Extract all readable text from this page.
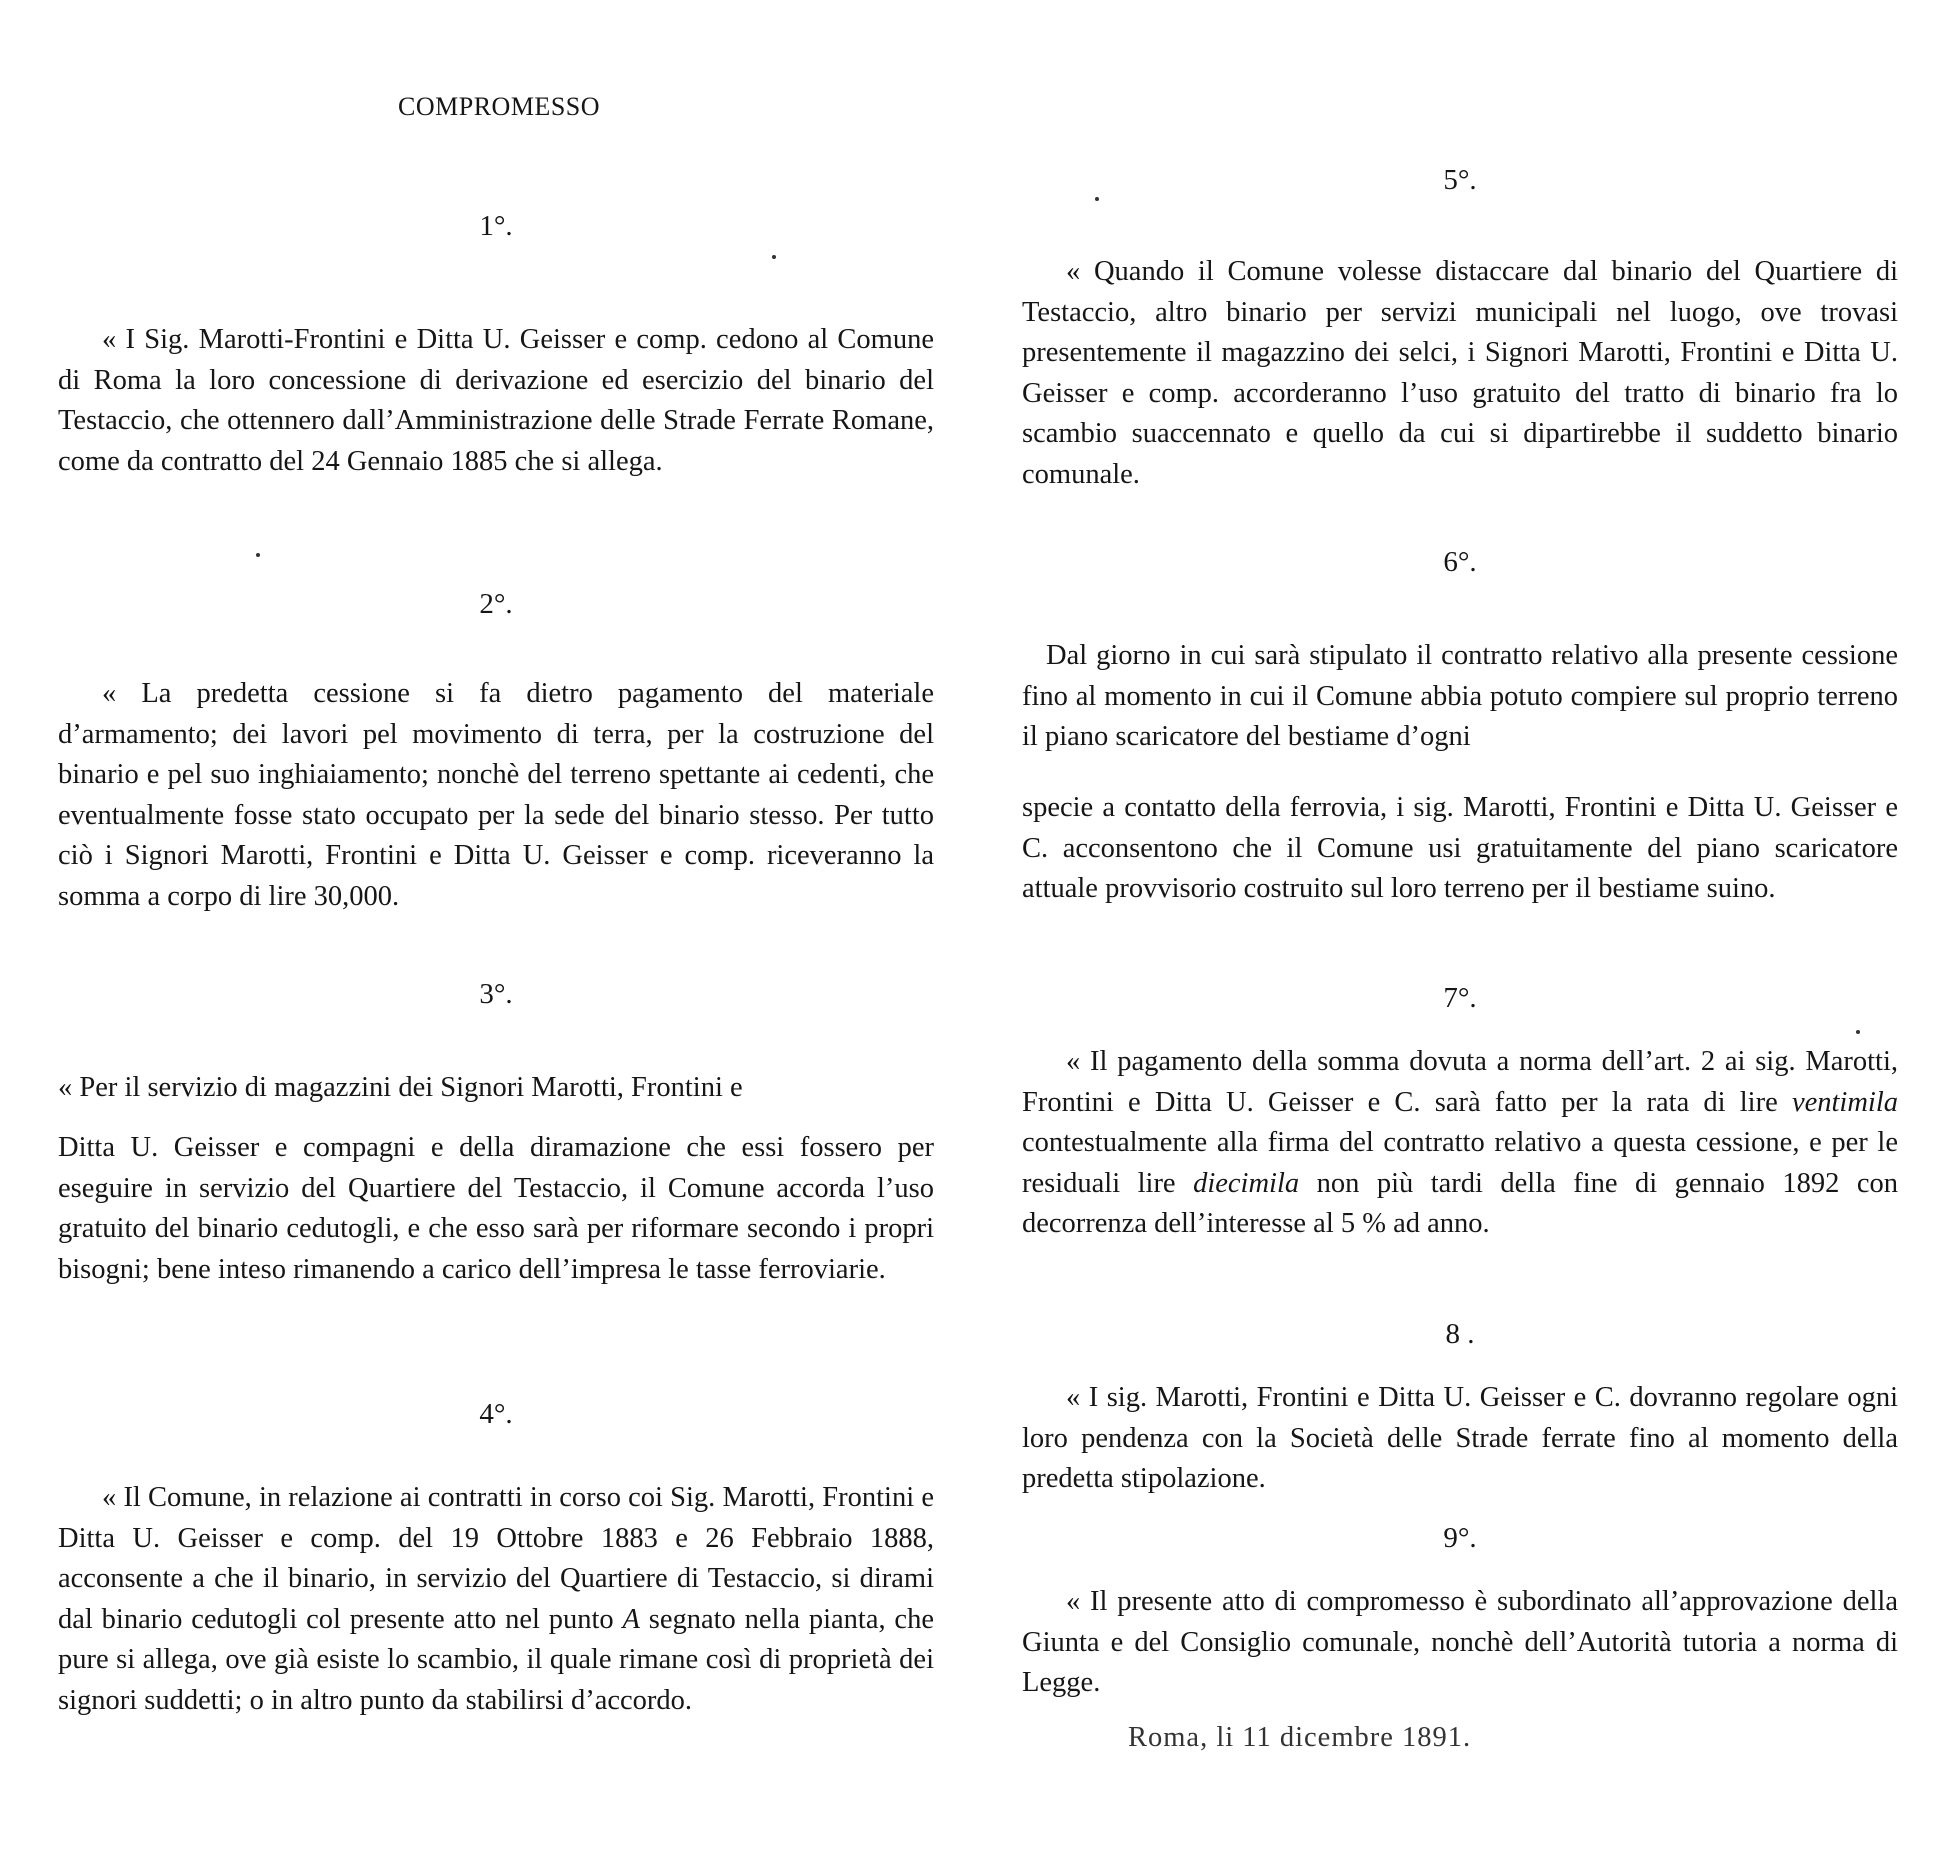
COMPROMESSO
1°.
« I Sig. Marotti-Frontini e Ditta U. Geisser e comp. cedono al Comune di Roma la loro concessione di derivazione ed esercizio del binario del Testaccio, che ottennero dall’Amministrazione delle Strade Ferrate Romane, come da contratto del 24 Gennaio 1885 che si allega.
2°.
« La predetta cessione si fa dietro pagamento del materiale d’armamento; dei lavori pel movimento di terra, per la costruzione del binario e pel suo inghiaiamento; nonchè del terreno spettante ai cedenti, che eventualmente fosse stato occupato per la sede del binario stesso. Per tutto ciò i Signori Marotti, Frontini e Ditta U. Geisser e comp. riceveranno la somma a corpo di lire 30,000.
3°.
« Per il servizio di magazzini dei Signori Marotti, Frontini e
Ditta U. Geisser e compagni e della diramazione che essi fossero per eseguire in servizio del Quartiere del Testaccio, il Comune accorda l’uso gratuito del binario cedutogli, e che esso sarà per riformare secondo i propri bisogni; bene inteso rimanendo a carico dell’impresa le tasse ferroviarie.
4°.
« Il Comune, in relazione ai contratti in corso coi Sig. Marotti, Frontini e Ditta U. Geisser e comp. del 19 Ottobre 1883 e 26 Febbraio 1888, acconsente a che il binario, in servizio del Quartiere di Testaccio, si dirami dal binario cedutogli col presente atto nel punto A segnato nella pianta, che pure si allega, ove già esiste lo scambio, il quale rimane così di proprietà dei signori suddetti; o in altro punto da stabilirsi d’accordo.
5°.
« Quando il Comune volesse distaccare dal binario del Quartiere di Testaccio, altro binario per servizi municipali nel luogo, ove trovasi presentemente il magazzino dei selci, i Signori Marotti, Frontini e Ditta U. Geisser e comp. accorderanno l’uso gratuito del tratto di binario fra lo scambio suaccennato e quello da cui si dipartirebbe il suddetto binario comunale.
6°.
Dal giorno in cui sarà stipulato il contratto relativo alla presente cessione fino al momento in cui il Comune abbia potuto compiere sul proprio terreno il piano scaricatore del bestiame d’ogni
specie a contatto della ferrovia, i sig. Marotti, Frontini e Ditta U. Geisser e C. acconsentono che il Comune usi gratuitamente del piano scaricatore attuale provvisorio costruito sul loro terreno per il bestiame suino.
7°.
« Il pagamento della somma dovuta a norma dell’art. 2 ai sig. Marotti, Frontini e Ditta U. Geisser e C. sarà fatto per la rata di lire ventimila contestualmente alla firma del contratto relativo a questa cessione, e per le residuali lire diecimila non più tardi della fine di gennaio 1892 con decorrenza dell’interesse al 5 % ad anno.
8 .
« I sig. Marotti, Frontini e Ditta U. Geisser e C. dovranno regolare ogni loro pendenza con la Società delle Strade ferrate fino al momento della predetta stipolazione.
9°.
« Il presente atto di compromesso è subordinato all’approvazione della Giunta e del Consiglio comunale, nonchè dell’Autorità tutoria a norma di Legge.
Roma, li 11 dicembre 1891.
